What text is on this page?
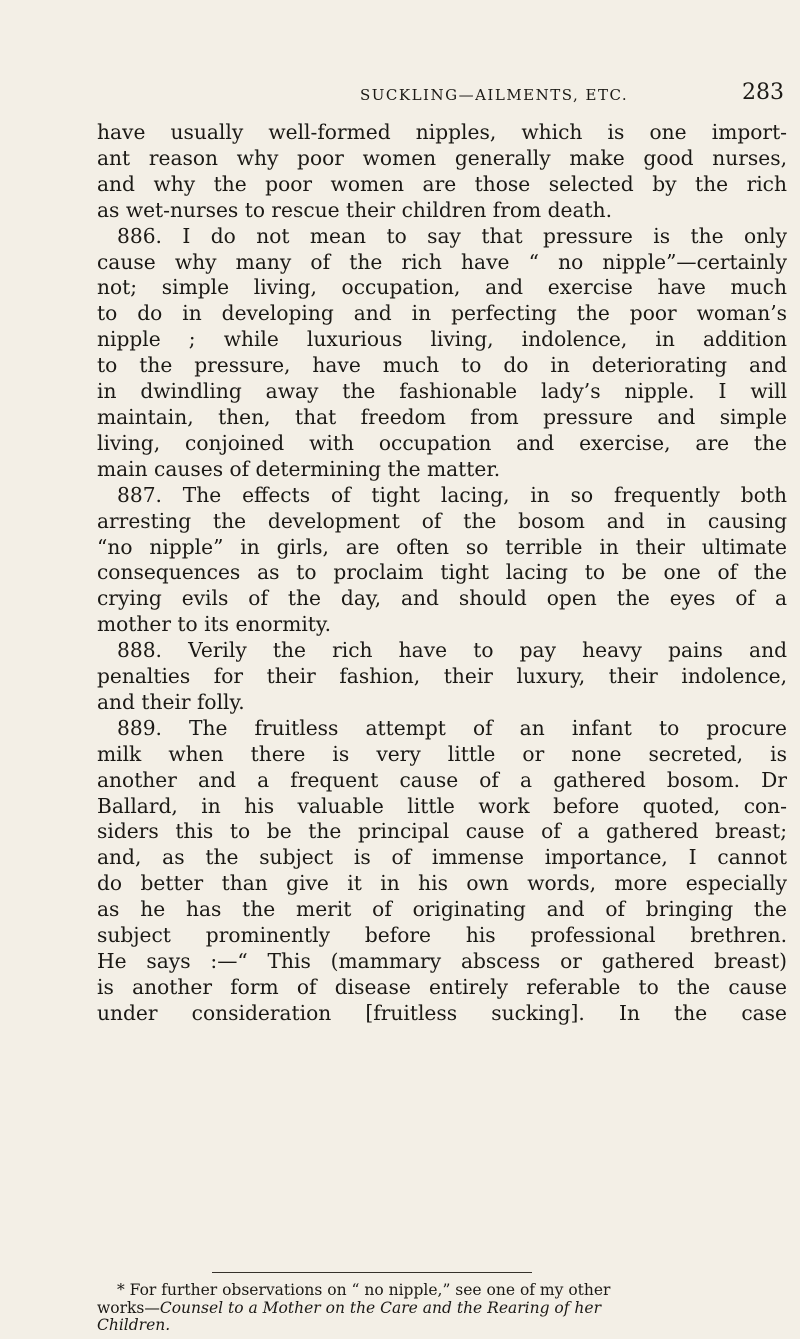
SUCKLING—AILMENTS, ETC.	283
have usually well-formed nipples, which is one import-
ant reason why poor women generally make good nurses,
and why the poor women are those selected by the rich
as wet-nurses to rescue their children from death.
886. I do not mean to say that pressure is the only
cause why many of the rich have “ no nipple”—certainly
not; simple living, occupation, and exercise have much
to do in developing and in perfecting the poor woman’s
nipple ; while luxurious living, indolence, in addition
to the pressure, have much to do in deteriorating and
in dwindling away the fashionable lady’s nipple. I will
maintain, then, that freedom from pressure and simple
living, conjoined with occupation and exercise, are the
main causes of determining the matter.
887. The effects of tight lacing, in so frequently both
arresting the development of the bosom and in causing
“no nipple” in girls, are often so terrible in their ultimate
consequences as to proclaim tight lacing to be one of the
crying evils of the day, and should open the eyes of a
mothe‌r to its enormity.
888. Verily the rich have to pay heavy pains and
penalties for their fashion, their luxury, their indolence,
and their folly.
889. The fruitless attempt of an infant to procure
milk when there is very little or none secreted, is
another and a frequent cause of a gathered bosom. Dr
Ballard, in his valuable little work before quoted, con-
siders this to be the principal cause of a gathered breast;
and, as the subject is of immense importance, I cannot
do better than give it in his own words, more especially
as he has the merit of originating and of bringing the
subject prominently before his professional brethren.
He says :—“ This (mammary abscess or gathered breast)
is another form of disease entirely referable to the cause
under consideration [fruitless sucking]. In the case
* For further observations on “ no nipple,” see one of my other
works—Counsel to a Mother on the Care and the Rearing of her
Children.
